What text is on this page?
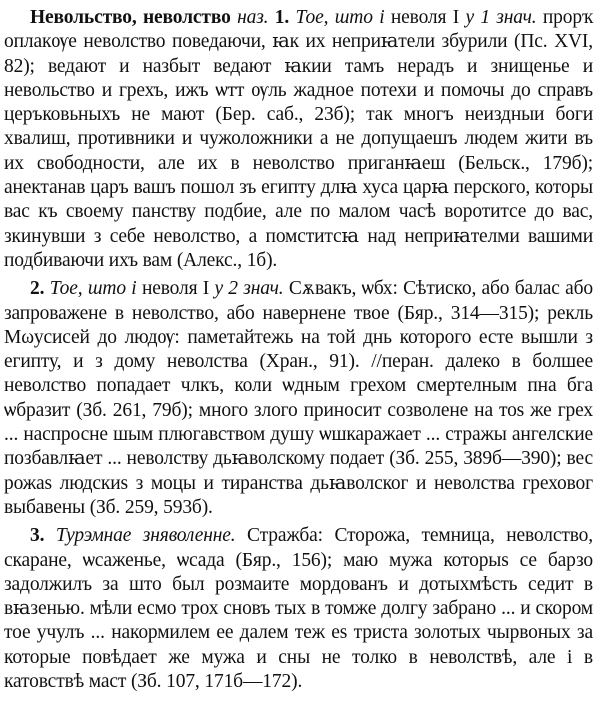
Невольство, неволство наз. 1. Тое, што і неволя I у 1 знач. прорҡ оплакѹе неволство поведаючи, ꙗк их неприꙗтели збурили (Пс. XVI, 82); ведают и назбыт ведают ꙗкии тамъ нерадъ и знищенье и невольство и грехъ, ижъ ѡтт ѹль жадное потехи и помочы до справъ церъковьныхъ не мают (Бер. саб., 23б); так многъ неиздныи боги хвалиш, противники и чужоложники а не допущаешъ людем жити въ их свободности, але их в неволство приганꙗеш (Бельск., 179б); анектанав царъ вашъ пошол зъ египту длꙗ хуса царꙗ перского, которы вас къ своему панству подбие, але по малом часѣ воротитсе до вас, зкинувши з себе неволство, а помститсꙗ над неприꙗтелми вашими подбиваючи ихъ вам (Алекс., 1б).

2. Тое, што і неволя I у 2 знач. Сѫвакъ, ѡбх: Сѣтиско, або балас або запроваженe в неволство, або навернене твое (Бяр., 314—315); рекль Мωусисей до людѹ: паметайтежь на той днь которого есте вышли з египту, и з дому неволства (Хран., 91). //перан. далеко в болшее неволство попадает члкъ, коли ѡдным грехом смертелным пна бга ѡбразит (Зб. 261, 79б); много злого приносит созволене на тоs же грех ... наспросне шым плюгавством душу ѡшкаражает ... стражы ангелские позбавлꙗет ... неволству дьꙗволскому подает (Зб. 255, 389б—390); вес рожаs людскиs з моцы и тиранства дьꙗволског и неволства греховог выбавены (Зб. 259, 593б).

3. Турэмнае зняволенне. Стражба: Сторожа, темница, неволство, скаране, ѡсаженье, ѡсада (Бяр., 156); маю мужа которыs се барзо задолжилъ за што был розмаите мордованъ и дотыхмѣсть седит в вꙗзенью. мѣли есмо трох сновъ тых в томже долгу забрано ... и скором тое учулъ ... накормилем ее далем теж es триста золотых чырвоных за которые повѣдает же мужа и сны не толко в неволствѣ, але і в катовствѣ маст (Зб. 107, 171б—172).
